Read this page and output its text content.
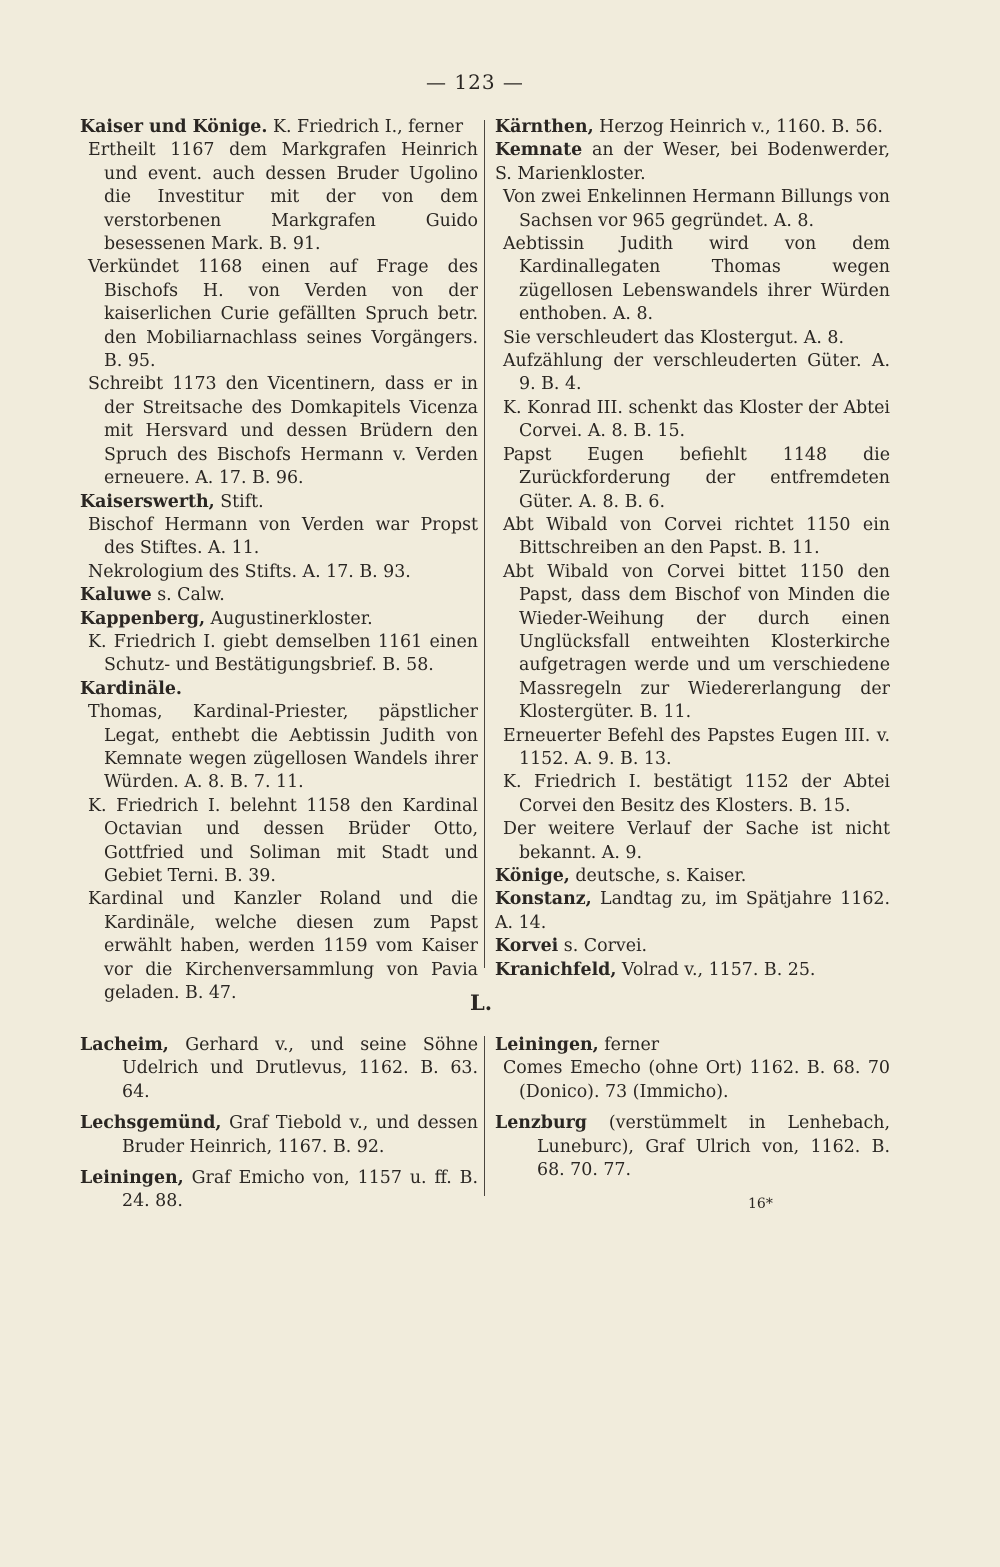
— 123 —
Kaiser und Könige. K. Friedrich I., ferner
Ertheilt 1167 dem Markgrafen Heinrich und event. auch dessen Bruder Ugolino die Investitur mit der von dem verstorbenen Markgrafen Guido besessenen Mark. B. 91.
Verkündet 1168 einen auf Frage des Bischofs H. von Verden von der kaiserlichen Curie gefällten Spruch betr. den Mobiliarnachlass seines Vorgängers. B. 95.
Schreibt 1173 den Vicentinern, dass er in der Streitsache des Domkapitels Vicenza mit Hersvard und dessen Brüdern den Spruch des Bischofs Hermann v. Verden erneuere. A. 17. B. 96.
Kaiserswerth, Stift.
Bischof Hermann von Verden war Propst des Stiftes. A. 11.
Nekrologium des Stifts. A. 17. B. 93.
Kaluwe s. Calw.
Kappenberg, Augustinerkloster.
K. Friedrich I. giebt demselben 1161 einen Schutz- und Bestätigungsbrief. B. 58.
Kardinäle.
Thomas, Kardinal-Priester, päpstlicher Legat, enthebt die Aebtissin Judith von Kemnate wegen zügellosen Wandels ihrer Würden. A. 8. B. 7. 11.
K. Friedrich I. belehnt 1158 den Kardinal Octavian und dessen Brüder Otto, Gottfried und Soliman mit Stadt und Gebiet Terni. B. 39.
Kardinal und Kanzler Roland und die Kardinäle, welche diesen zum Papst erwählt haben, werden 1159 vom Kaiser vor die Kirchenversammlung von Pavia geladen. B. 47.
Kärnthen, Herzog Heinrich v., 1160. B. 56.
Kemnate an der Weser, bei Bodenwerder, S. Marienkloster.
Von zwei Enkelinnen Hermann Billungs von Sachsen vor 965 gegründet. A. 8.
Aebtissin Judith wird von dem Kardinallegaten Thomas wegen zügellosen Lebenswandels ihrer Würden enthoben. A. 8.
Sie verschleudert das Klostergut. A. 8.
Aufzählung der verschleuderten Güter. A. 9. B. 4.
K. Konrad III. schenkt das Kloster der Abtei Corvei. A. 8. B. 15.
Papst Eugen befiehlt 1148 die Zurückforderung der entfremdeten Güter. A. 8. B. 6.
Abt Wibald von Corvei richtet 1150 ein Bittschreiben an den Papst. B. 11.
Abt Wibald von Corvei bittet 1150 den Papst, dass dem Bischof von Minden die Wieder-Weihung der durch einen Unglücksfall entweihten Klosterkirche aufgetragen werde und um verschiedene Massregeln zur Wiedererlangung der Klostergüter. B. 11.
Erneuerter Befehl des Papstes Eugen III. v. 1152. A. 9. B. 13.
K. Friedrich I. bestätigt 1152 der Abtei Corvei den Besitz des Klosters. B. 15.
Der weitere Verlauf der Sache ist nicht bekannt. A. 9.
Könige, deutsche, s. Kaiser.
Konstanz, Landtag zu, im Spätjahre 1162. A. 14.
Korvei s. Corvei.
Kranichfeld, Volrad v., 1157. B. 25.
L.
Lacheim, Gerhard v., und seine Söhne Udelrich und Drutlevus, 1162. B. 63. 64.
Lechsgemünd, Graf Tiebold v., und dessen Bruder Heinrich, 1167. B. 92.
Leiningen, Graf Emicho von, 1157 u. ff. B. 24. 88.
Leiningen, ferner
Comes Emecho (ohne Ort) 1162. B. 68. 70 (Donico). 73 (Immicho).
Lenzburg (verstümmelt in Lenhebach, Luneburc), Graf Ulrich von, 1162. B. 68. 70. 77.
16*
